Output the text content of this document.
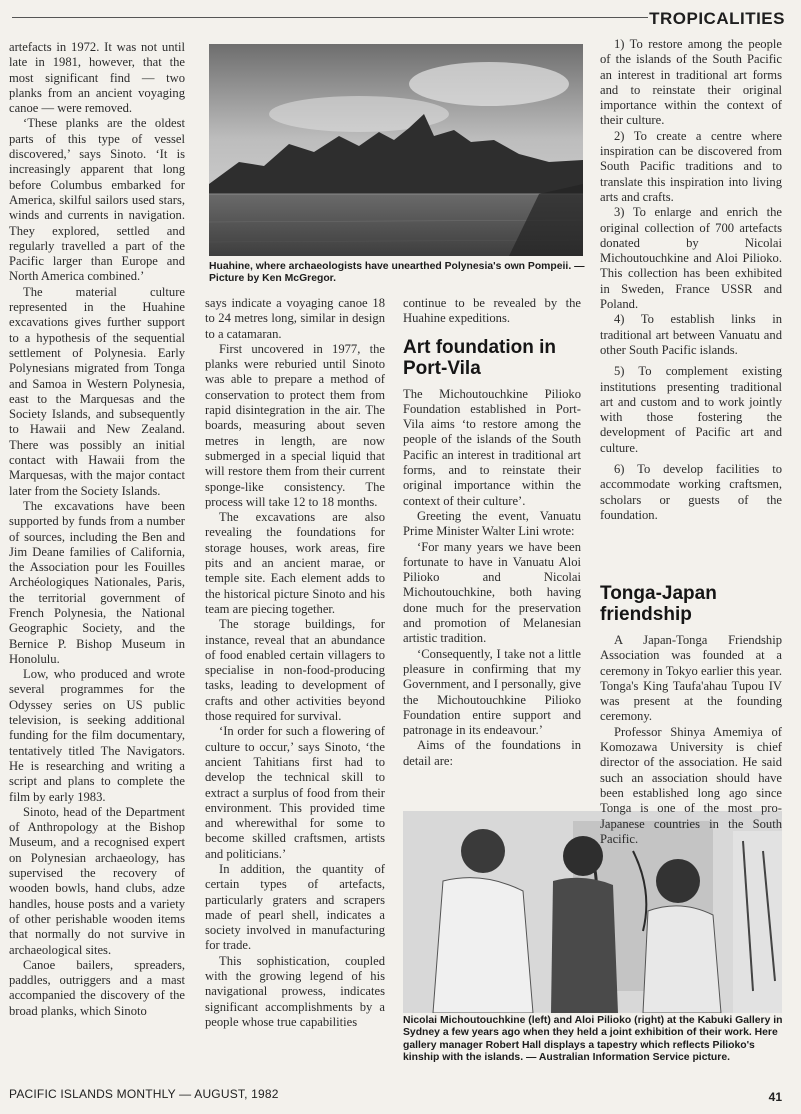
TROPICALITIES

artefacts in 1972. It was not until late in 1981, however, that the most significant find — two planks from an ancient voyaging canoe — were removed.

‘These planks are the oldest parts of this type of vessel discovered,’ says Sinoto. ‘It is increasingly apparent that long before Columbus embarked for America, skilful sailors used stars, winds and currents in navigation. They explored, settled and regularly travelled a part of the Pacific larger than Europe and North America combined.’

The material culture represented in the Huahine excavations gives further support to a hypothesis of the sequential settlement of Polynesia. Early Polynesians migrated from Tonga and Samoa in Western Polynesia, east to the Marquesas and the Society Islands, and subsequently to Hawaii and New Zealand. There was possibly an initial contact with Hawaii from the Marquesas, with the major contact later from the Society Islands.

The excavations have been supported by funds from a number of sources, including the Ben and Jim Deane families of California, the Association pour les Fouilles Archéologiques Nationales, Paris, the territorial government of French Polynesia, the National Geographic Society, and the Bernice P. Bishop Museum in Honolulu.

Low, who produced and wrote several programmes for the Odyssey series on US public television, is seeking additional funding for the film documentary, tentatively titled The Navigators. He is researching and writing a script and plans to complete the film by early 1983.

Sinoto, head of the Department of Anthropology at the Bishop Museum, and a recognised expert on Polynesian archaeology, has supervised the recovery of wooden bowls, hand clubs, adze handles, house posts and a variety of other perishable wooden items that normally do not survive in archaeological sites.

Canoe bailers, spreaders, paddles, outriggers and a mast accompanied the discovery of the broad planks, which Sinoto

Huahine, where archaeologists have unearthed Polynesia's own Pompeii. — Picture by Ken McGregor.

says indicate a voyaging canoe 18 to 24 metres long, similar in design to a catamaran.

First uncovered in 1977, the planks were reburied until Sinoto was able to prepare a method of conservation to protect them from rapid disintegration in the air. The boards, measuring about seven metres in length, are now submerged in a special liquid that will restore them from their current sponge-like consistency. The process will take 12 to 18 months.

The excavations are also revealing the foundations for storage houses, work areas, fire pits and an ancient marae, or temple site. Each element adds to the historical picture Sinoto and his team are piecing together.

The storage buildings, for instance, reveal that an abundance of food enabled certain villagers to specialise in non-food-producing tasks, leading to development of crafts and other activities beyond those required for survival.

‘In order for such a flowering of culture to occur,’ says Sinoto, ‘the ancient Tahitians first had to develop the technical skill to extract a surplus of food from their environment. This provided time and wherewithal for some to become skilled craftsmen, artists and politicians.’

In addition, the quantity of certain types of artefacts, particularly graters and scrapers made of pearl shell, indicates a society involved in manufacturing for trade.

This sophistication, coupled with the growing legend of his navigational prowess, indicates significant accomplishments by a people whose true capabilities

continue to be revealed by the Huahine expeditions.

Art foundation in Port-Vila

The Michoutouchkine Pilioko Foundation established in Port-Vila aims ‘to restore among the people of the islands of the South Pacific an interest in traditional art forms, and to reinstate their original importance within the context of their culture’.

Greeting the event, Vanuatu Prime Minister Walter Lini wrote:

‘For many years we have been fortunate to have in Vanuatu Aloi Pilioko and Nicolai Michoutouchkine, both having done much for the preservation and promotion of Melanesian artistic tradition.

‘Consequently, I take not a little pleasure in confirming that my Government, and I personally, give the Michoutouchkine Pilioko Foundation entire support and patronage in its endeavour.’

Aims of the foundations in detail are:

Nicolai Michoutouchkine (left) and Aloi Pilioko (right) at the Kabuki Gallery in Sydney a few years ago when they held a joint exhibition of their work. Here gallery manager Robert Hall displays a tapestry which reflects Pilioko's kinship with the islands. — Australian Information Service picture.

1) To restore among the people of the islands of the South Pacific an interest in traditional art forms and to reinstate their original importance within the context of their culture.

2) To create a centre where inspiration can be discovered from South Pacific traditions and to translate this inspiration into living arts and crafts.

3) To enlarge and enrich the original collection of 700 artefacts donated by Nicolai Michoutouchkine and Aloi Pilioko. This collection has been exhibited in Sweden, France USSR and Poland.

4) To establish links in traditional art between Vanuatu and other South Pacific islands.

5) To complement existing institutions presenting traditional art and custom and to work jointly with those fostering the development of Pacific art and culture.

6) To develop facilities to accommodate working craftsmen, scholars or guests of the foundation.

Tonga-Japan friendship

A Japan-Tonga Friendship Association was founded at a ceremony in Tokyo earlier this year. Tonga's King Taufa'ahau Tupou IV was present at the founding ceremony.

Professor Shinya Amemiya of Komozawa University is chief director of the association. He said such an association should have been established long ago since Tonga is one of the most pro-Japanese countries in the South Pacific.

PACIFIC ISLANDS MONTHLY — AUGUST, 1982	41
